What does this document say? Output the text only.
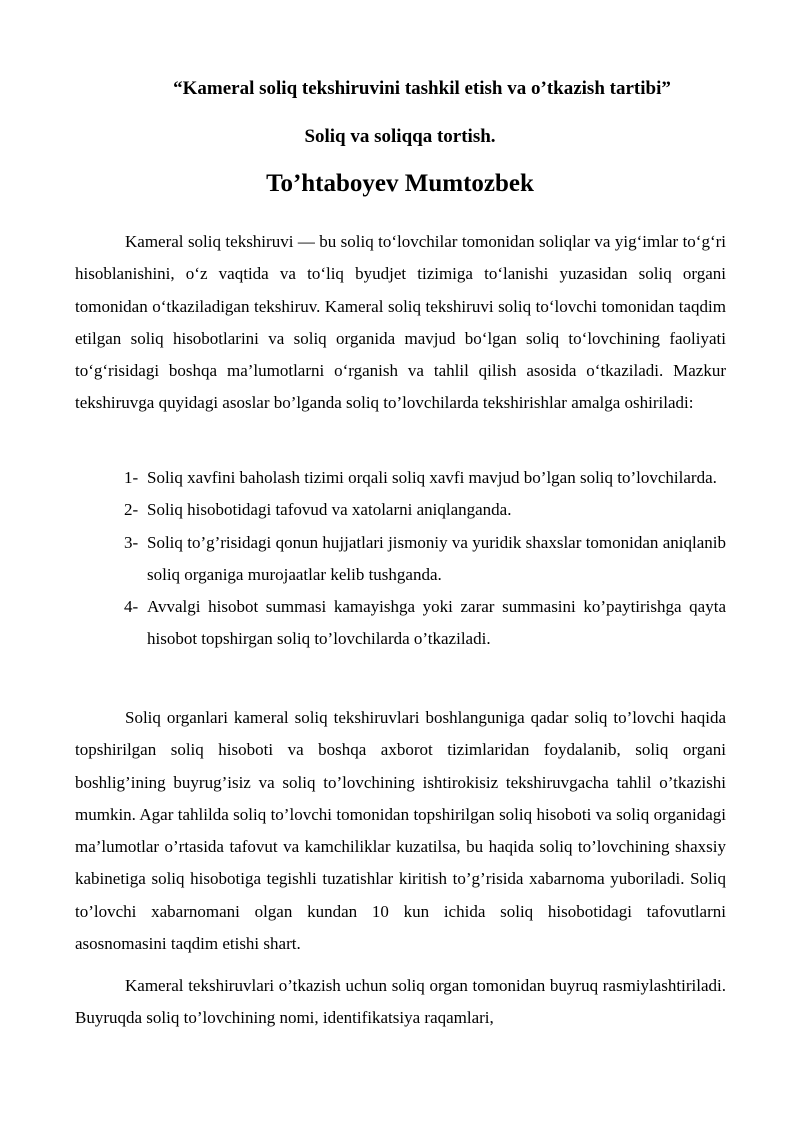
“Kameral soliq tekshiruvini tashkil etish va o’tkazish tartibi”
Soliq va soliqqa tortish.
To’htaboyev Mumtozbek

Kameral soliq tekshiruvi — bu soliq to‘lovchilar tomonidan soliqlar va yig‘imlar to‘g‘ri hisoblanishini, o‘z vaqtida va to‘liq byudjet tizimiga to‘lanishi yuzasidan soliq organi tomonidan o‘tkaziladigan tekshiruv. Kameral soliq tekshiruvi soliq to‘lovchi tomonidan taqdim etilgan soliq hisobotlarini va soliq organida mavjud bo‘lgan soliq to‘lovchining faoliyati to‘g‘risidagi boshqa ma’lumotlarni o‘rganish va tahlil qilish asosida o‘tkaziladi. Mazkur tekshiruvga quyidagi asoslar bo’lganda soliq to’lovchilarda tekshirishlar amalga oshiriladi:

1- Soliq xavfini baholash tizimi orqali soliq xavfi mavjud bo’lgan soliq to’lovchilarda.
2- Soliq hisobotidagi tafovud va xatolarni aniqlanganda.
3- Soliq to’g’risidagi qonun hujjatlari jismoniy va yuridik shaxslar tomonidan aniqlanib soliq organiga murojaatlar kelib tushganda.
4- Avvalgi hisobot summasi kamayishga yoki zarar summasini ko’paytirishga qayta hisobot topshirgan soliq to’lovchilarda o’tkaziladi.

Soliq organlari kameral soliq tekshiruvlari boshlanguniga qadar soliq to’lovchi haqida topshirilgan soliq hisoboti va boshqa axborot tizimlaridan foydalanib, soliq organi boshlig’ining buyrug’isiz va soliq to’lovchining ishtirokisiz tekshiruvgacha tahlil o’tkazishi mumkin. Agar tahlilda soliq to’lovchi tomonidan topshirilgan soliq hisoboti va soliq organidagi ma’lumotlar o’rtasida tafovut va kamchiliklar kuzatilsa, bu haqida soliq to’lovchining shaxsiy kabinetiga soliq hisobotiga tegishli tuzatishlar kiritish to’g’risida xabarnoma yuboriladi. Soliq to’lovchi xabarnomani olgan kundan 10 kun ichida soliq hisobotidagi tafovutlarni asosnomasini taqdim etishi shart.

Kameral tekshiruvlari o’tkazish uchun soliq organ tomonidan buyruq rasmiylashtiriladi. Buyruqda soliq to’lovchining nomi, identifikatsiya raqamlari,
